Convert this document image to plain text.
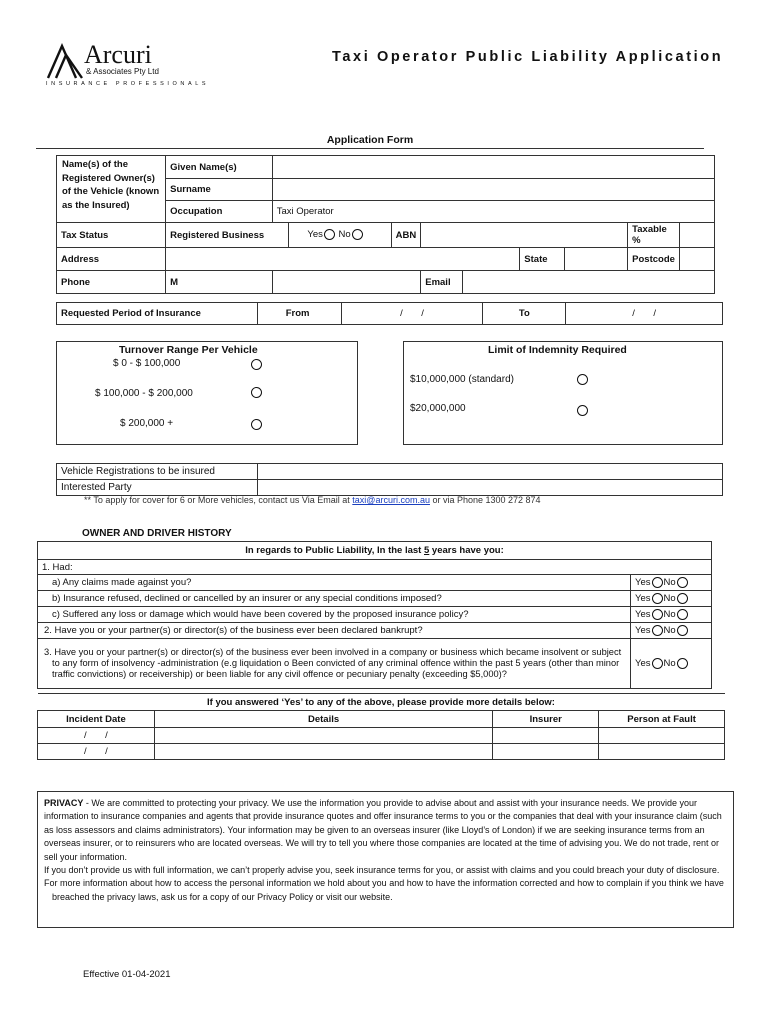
Arcuri
& Associates Pty Ltd
INSURANCE PROFESSIONALS
Taxi Operator Public Liability Application
Application Form
Name(s) of the Registered Owner(s) of the Vehicle (known as the Insured)	Given Name(s)									
	Surname									
	Occupation	Taxi Operator								
Tax Status	Registered Business		Yes No	ABN					Taxable %	
Address							State		Postcode	
Phone	M				Email					
Requested Period of Insurance	From	/       /	To	/       /
Turnover Range Per Vehicle
$ 0 - $ 100,000
$ 100,000 - $ 200,000
$ 200,000 +
Limit of Indemnity Required
$10,000,000 (standard)
$20,000,000
Vehicle Registrations to be insured	
Interested Party	
** To apply for cover for 6 or More vehicles, contact us Via Email at taxi@arcuri.com.au or via Phone 1300 272 874
OWNER AND DRIVER HISTORY
In regards to Public Liability, In the last 5 years have you:	
1. Had:	
a) Any claims made against you?	Yes No
b) Insurance refused, declined or cancelled by an insurer or any special conditions imposed?	Yes No
c) Suffered any loss or damage which would have been covered by the proposed insurance policy?	Yes No
2. Have you or your partner(s) or director(s) of the business ever been declared bankrupt?	Yes No

3. Have you or your partner(s) or director(s) of the business ever been involved in a company or business which became insolvent or subject to any form of insolvency -administration (e.g liquidation o Been convicted of any criminal offence within the past 5 years (other than minor traffic convictions) or receivership) or been liable for any civil offence or pecuniary penalty (exceeding $5,000)?	Yes No
If you answered ‘Yes’ to any of the above, please provide more details below:			
Incident Date	Details	Insurer	Person at Fault
/       /			
/       /			
PRIVACY - We are committed to protecting your privacy. We use the information you provide to advise about and assist with your insurance needs. We provide your information to insurance companies and agents that provide insurance quotes and offer insurance terms to you or the companies that deal with your insurance claim (such as loss assessors and claims administrators). Your information may be given to an overseas insurer (like Lloyd’s of London) if we are seeking insurance terms from an overseas insurer, or to reinsurers who are located overseas. We will try to tell you where those companies are located at the time of advising you. We do not trade, rent or sell your information.
If you don’t provide us with full information, we can’t properly advise you, seek insurance terms for you, or assist with claims and you could breach your duty of disclosure.
For more information about how to access the personal information we hold about you and how to have the information corrected and how to complain if you think we have breached the privacy laws, ask us for a copy of our Privacy Policy or visit our website.
Effective 01-04-2021
